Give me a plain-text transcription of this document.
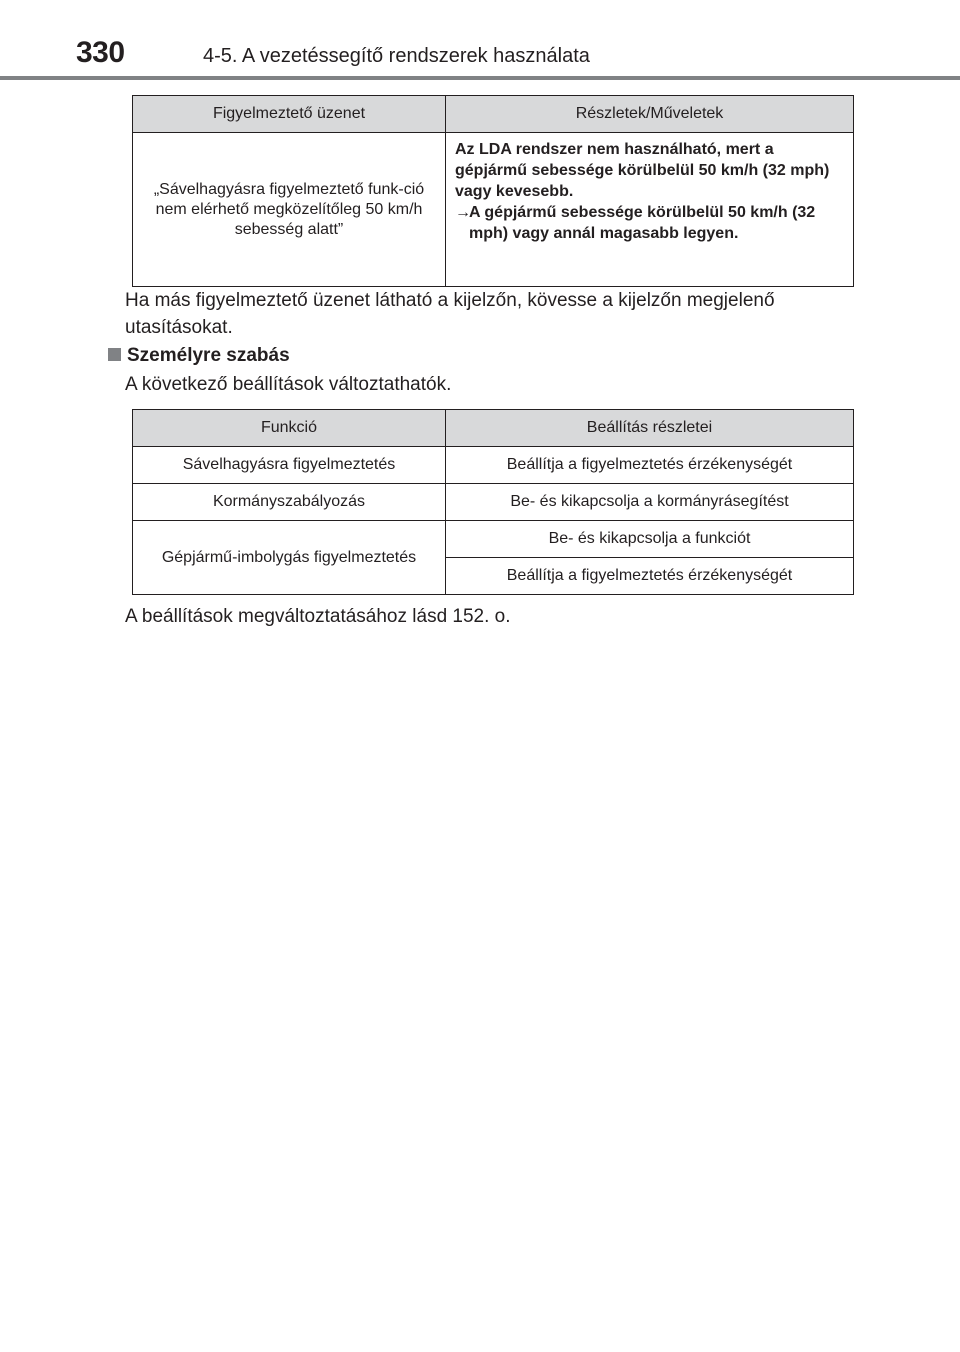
330	4-5. A vezetéssegítő rendszerek használata
Figyelmeztető üzenet	Részletek/Műveletek
„Sávelhagyásra figyelmeztető funk-ció nem elérhető megközelítőleg 50 km/h sebesség alatt”	Az LDA rendszer nem használható, mert a gépjármű sebessége körülbelül 50 km/h (32 mph) vagy kevesebb.
→A gépjármű sebessége körülbelül 50 km/h (32 mph) vagy annál magasabb legyen.
Ha más figyelmeztető üzenet látható a kijelzőn, kövesse a kijelzőn megjelenő utasításokat.
Személyre szabás
A következő beállítások változtathatók.
Funkció	Beállítás részletei
Sávelhagyásra figyelmeztetés	Beállítja a figyelmeztetés érzékenységét
Kormányszabályozás	Be- és kikapcsolja a kormányrásegítést
Gépjármű-imbolygás figyelmeztetés	Be- és kikapcsolja a funkciót
	Beállítja a figyelmeztetés érzékenységét
A beállítások megváltoztatásához lásd 152. o.
